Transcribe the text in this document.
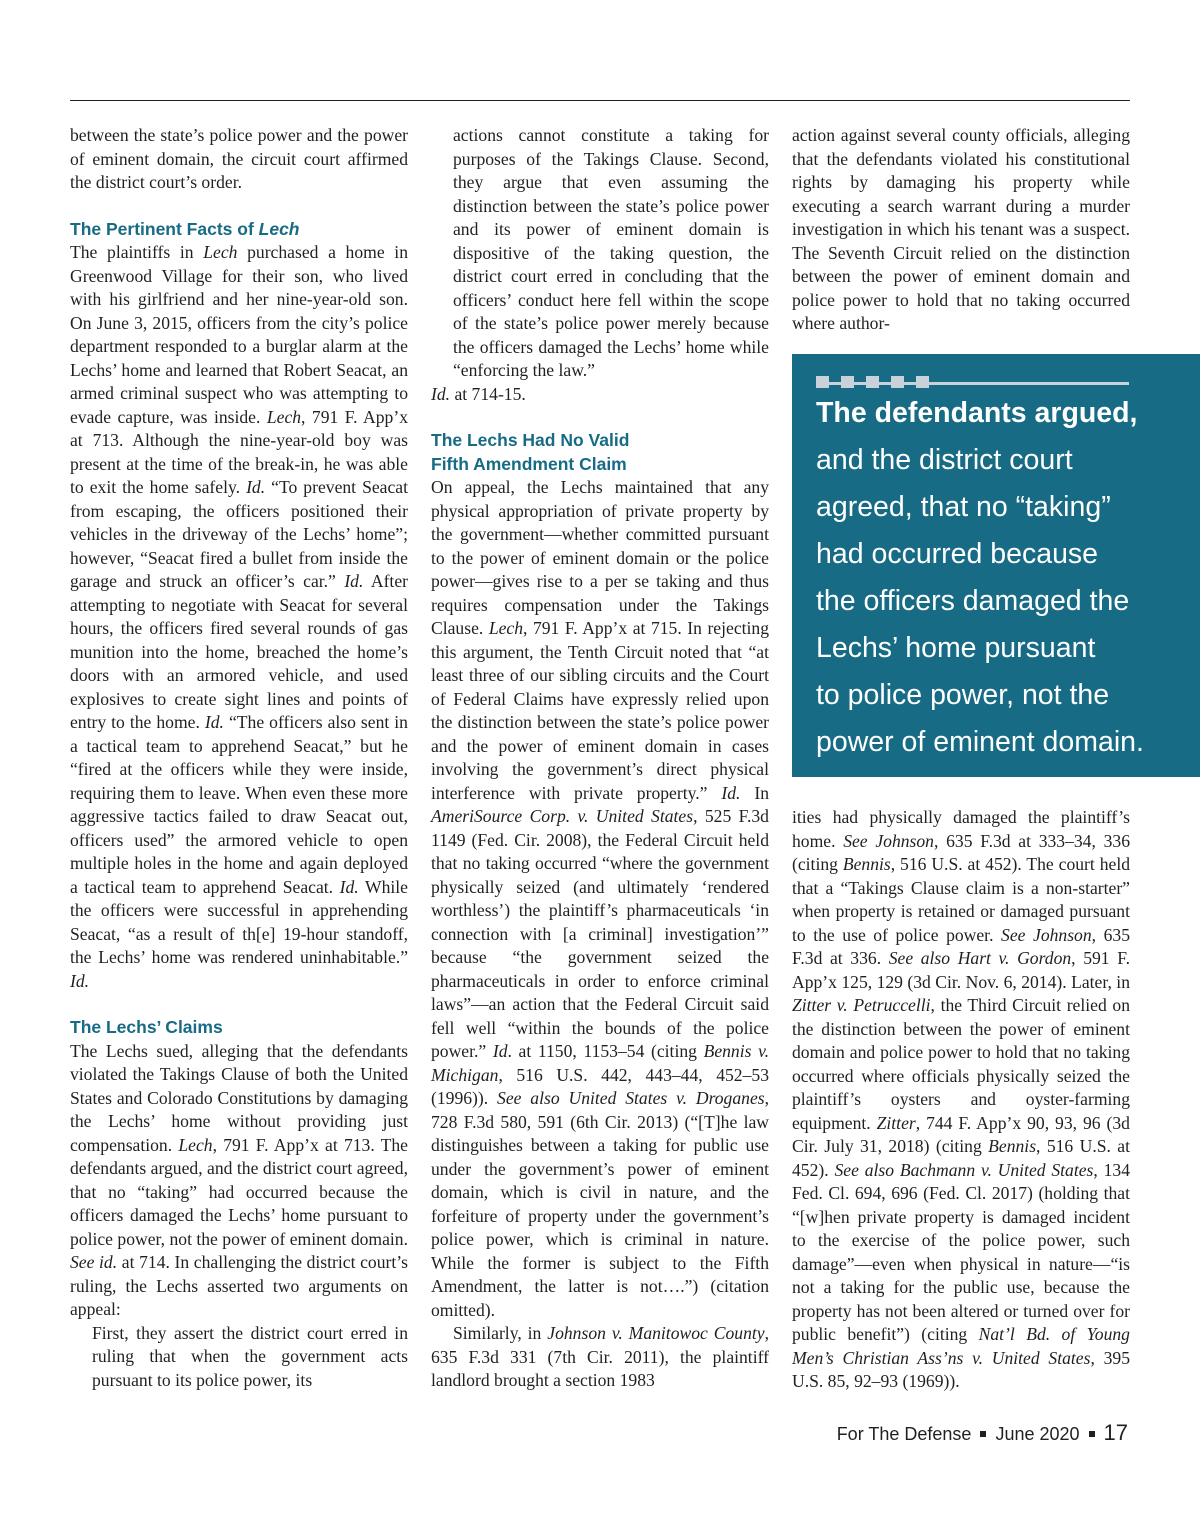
between the state’s police power and the power of eminent domain, the circuit court affirmed the district court’s order.

The Pertinent Facts of Lech

The plaintiffs in Lech purchased a home in Greenwood Village for their son, who lived with his girlfriend and her nine-year-old son. On June 3, 2015, officers from the city’s police department responded to a burglar alarm at the Lechs’ home and learned that Robert Seacat, an armed criminal suspect who was attempting to evade capture, was inside. Lech, 791 F. App’x at 713. Although the nine-year-old boy was present at the time of the break-in, he was able to exit the home safely. Id. “To prevent Seacat from escaping, the officers positioned their vehicles in the driveway of the Lechs’ home”; however, “Seacat fired a bullet from inside the garage and struck an officer’s car.” Id. After attempting to negotiate with Seacat for several hours, the officers fired several rounds of gas munition into the home, breached the home’s doors with an armored vehicle, and used explosives to create sight lines and points of entry to the home. Id. “The officers also sent in a tactical team to apprehend Seacat,” but he “fired at the officers while they were inside, requiring them to leave. When even these more aggressive tactics failed to draw Seacat out, officers used” the armored vehicle to open multiple holes in the home and again deployed a tactical team to apprehend Seacat. Id. While the officers were successful in apprehending Seacat, “as a result of th[e] 19-hour standoff, the Lechs’ home was rendered uninhabitable.” Id.

The Lechs’ Claims

The Lechs sued, alleging that the defendants violated the Takings Clause of both the United States and Colorado Constitutions by damaging the Lechs’ home without providing just compensation. Lech, 791 F. App’x at 713. The defendants argued, and the district court agreed, that no “taking” had occurred because the officers damaged the Lechs’ home pursuant to police power, not the power of eminent domain. See id. at 714. In challenging the district court’s ruling, the Lechs asserted two arguments on appeal:

First, they assert the district court erred in ruling that when the government acts pursuant to its police power, its

actions cannot constitute a taking for purposes of the Takings Clause. Second, they argue that even assuming the distinction between the state’s police power and its power of eminent domain is dispositive of the taking question, the district court erred in concluding that the officers’ conduct here fell within the scope of the state’s police power merely because the officers damaged the Lechs’ home while “enforcing the law.”

Id. at 714-15.

The Lechs Had No Valid
Fifth Amendment Claim

On appeal, the Lechs maintained that any physical appropriation of private property by the government—whether committed pursuant to the power of eminent domain or the police power—gives rise to a per se taking and thus requires compensation under the Takings Clause. Lech, 791 F. App’x at 715. In rejecting this argument, the Tenth Circuit noted that “at least three of our sibling circuits and the Court of Federal Claims have expressly relied upon the distinction between the state’s police power and the power of eminent domain in cases involving the government’s direct physical interference with private property.” Id. In AmeriSource Corp. v. United States, 525 F.3d 1149 (Fed. Cir. 2008), the Federal Circuit held that no taking occurred “where the government physically seized (and ultimately ‘rendered worthless’) the plaintiff’s pharmaceuticals ‘in connection with [a criminal] investigation’” because “the government seized the pharmaceuticals in order to enforce criminal laws”—an action that the Federal Circuit said fell well “within the bounds of the police power.” Id. at 1150, 1153–54 (citing Bennis v. Michigan, 516 U.S. 442, 443–44, 452–53 (1996)). See also United States v. Droganes, 728 F.3d 580, 591 (6th Cir. 2013) (“[T]he law distinguishes between a taking for public use under the government’s power of eminent domain, which is civil in nature, and the forfeiture of property under the government’s police power, which is criminal in nature. While the former is subject to the Fifth Amendment, the latter is not….”) (citation omitted).

Similarly, in Johnson v. Manitowoc County, 635 F.3d 331 (7th Cir. 2011), the plaintiff landlord brought a section 1983

action against several county officials, alleging that the defendants violated his constitutional rights by damaging his property while executing a search warrant during a murder investigation in which his tenant was a suspect. The Seventh Circuit relied on the distinction between the power of eminent domain and police power to hold that no taking occurred where author-

The defendants argued,
and the district court
agreed, that no “taking”
had occurred because
the officers damaged the
Lechs’ home pursuant
to police power, not the
power of eminent domain.

ities had physically damaged the plaintiff’s home. See Johnson, 635 F.3d at 333–34, 336 (citing Bennis, 516 U.S. at 452). The court held that a “Takings Clause claim is a non-starter” when property is retained or damaged pursuant to the use of police power. See Johnson, 635 F.3d at 336. See also Hart v. Gordon, 591 F. App’x 125, 129 (3d Cir. Nov. 6, 2014). Later, in Zitter v. Petruccelli, the Third Circuit relied on the distinction between the power of eminent domain and police power to hold that no taking occurred where officials physically seized the plaintiff’s oysters and oyster-farming equipment. Zitter, 744 F. App’x 90, 93, 96 (3d Cir. July 31, 2018) (citing Bennis, 516 U.S. at 452). See also Bachmann v. United States, 134 Fed. Cl. 694, 696 (Fed. Cl. 2017) (holding that “[w]hen private property is damaged incident to the exercise of the police power, such damage”—even when physical in nature—“is not a taking for the public use, because the property has not been altered or turned over for public benefit”) (citing Nat’l Bd. of Young Men’s Christian Ass’ns v. United States, 395 U.S. 85, 92–93 (1969)).

For The Defense June 2020 17
